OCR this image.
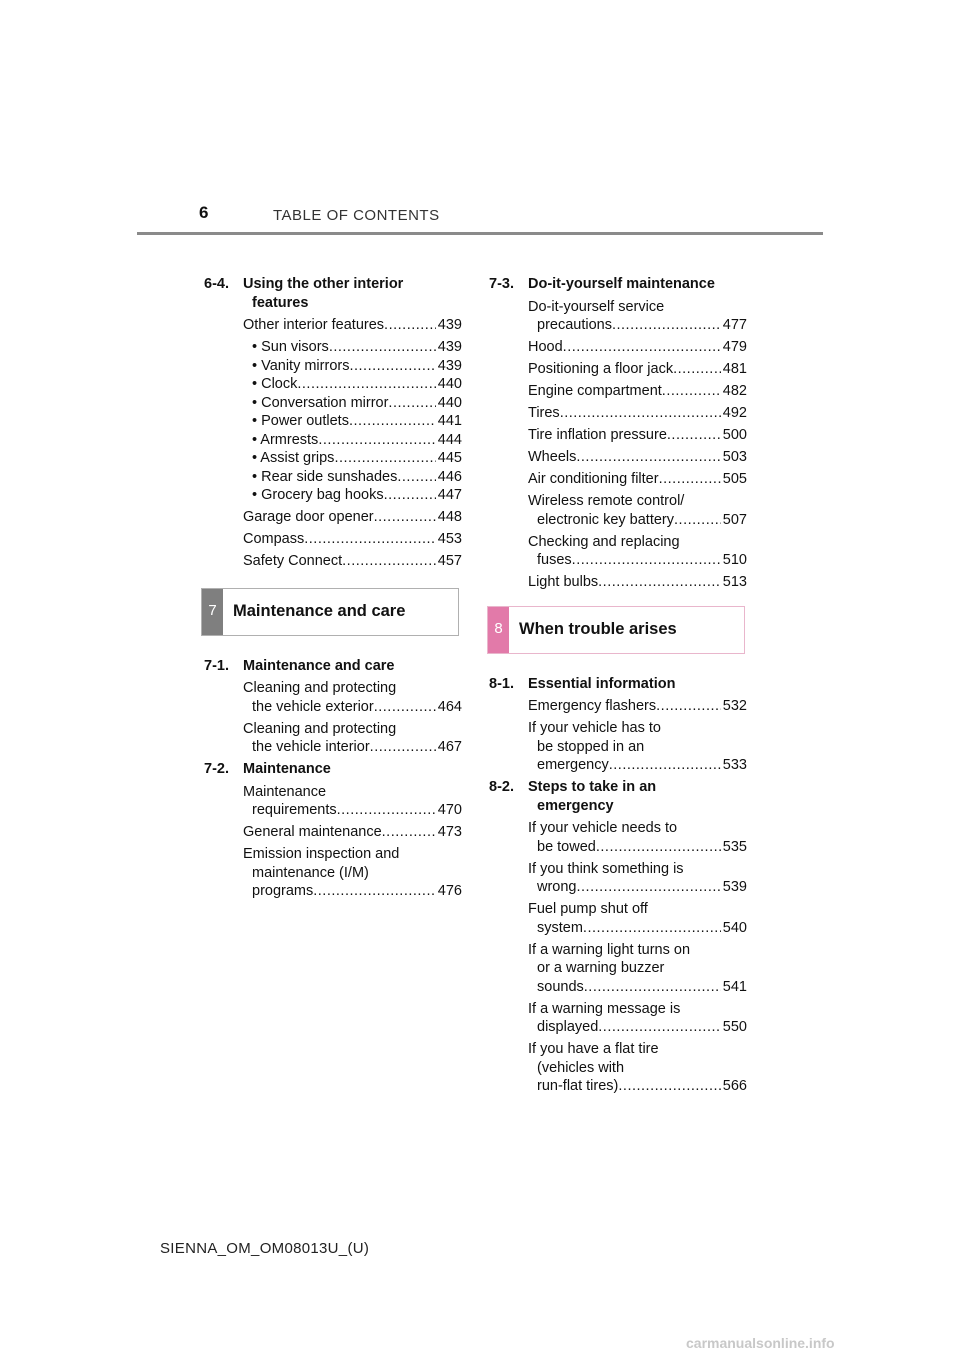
6	TABLE OF CONTENTS
6-4. Using the other interior
features
Other interior features .....	439
• Sun visors .....	439
• Vanity mirrors .....	439
• Clock .....	440
• Conversation mirror .....	440
• Power outlets .....	441
• Armrests .....	444
• Assist grips .....	445
• Rear side sunshades .....	446
• Grocery bag hooks .....	447
Garage door opener .....	448
Compass .....	453
Safety Connect .....	457
7 Maintenance and care
7-1. Maintenance and care
Cleaning and protecting
the vehicle exterior .....	464
Cleaning and protecting
the vehicle interior .....	467
7-2. Maintenance
Maintenance
requirements .....	470
General maintenance .....	473
Emission inspection and
maintenance (I/M)
programs .....	476
7-3. Do-it-yourself maintenance
Do-it-yourself service
precautions .....	477
Hood .....	479
Positioning a floor jack .....	481
Engine compartment .....	482
Tires .....	492
Tire inflation pressure .....	500
Wheels .....	503
Air conditioning filter .....	505
Wireless remote control/
electronic key battery .....	507
Checking and replacing
fuses .....	510
Light bulbs .....	513
8 When trouble arises
8-1. Essential information
Emergency flashers .....	532
If your vehicle has to
be stopped in an
emergency .....	533
8-2. Steps to take in an
emergency
If your vehicle needs to
be towed .....	535
If you think something is
wrong .....	539
Fuel pump shut off
system .....	540
If a warning light turns on
or a warning buzzer
sounds .....	541
If a warning message is
displayed .....	550
If you have a flat tire
(vehicles with
run-flat tires) .....	566
SIENNA_OM_OM08013U_(U)
carmanualsonline.info
